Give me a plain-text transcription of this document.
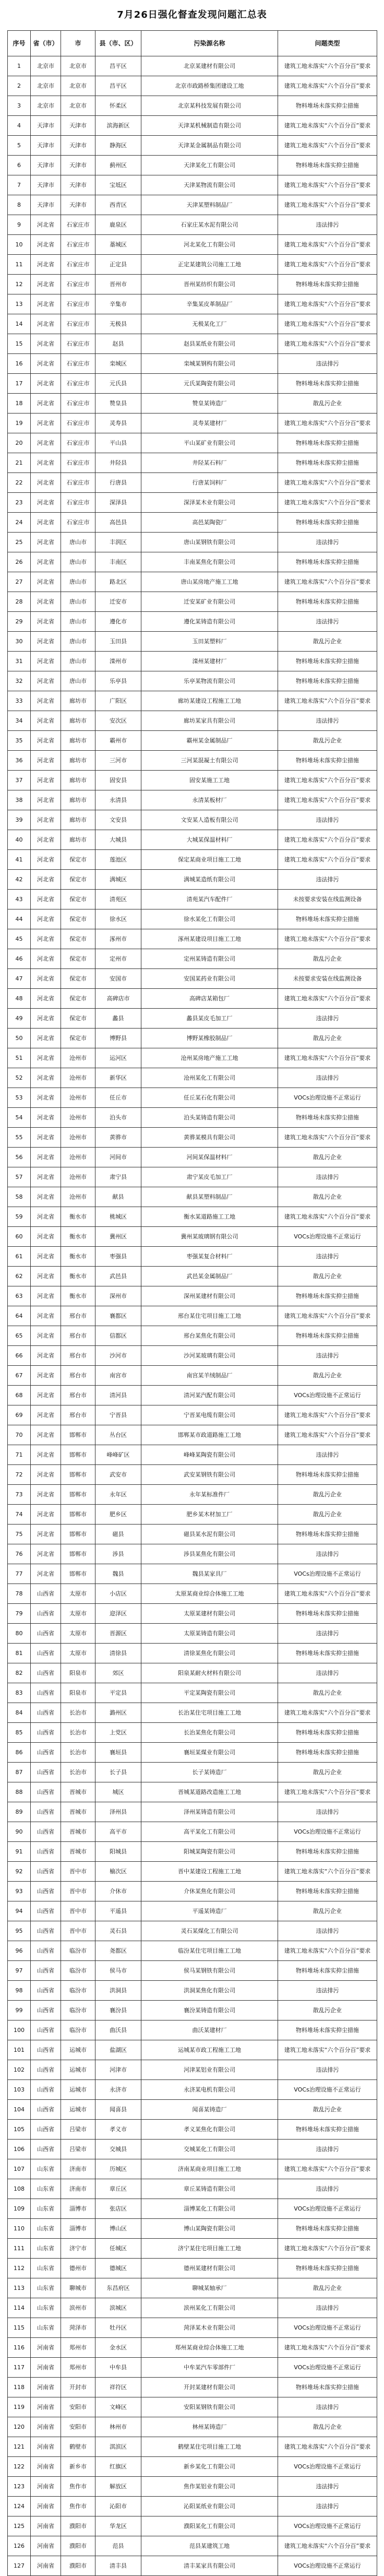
7月26日强化督查发现问题汇总表
序号	省（市）	市	县（市、区）	污染源名称	问题类型
1	北京市	北京市	昌平区	北京某建材有限公司	建筑工地未落实“六个百分百”要求
2	北京市	北京市	昌平区	北京市政路桥集团建设工地	建筑工地未落实“六个百分百”要求
3	北京市	北京市	怀柔区	北京某科技发展有限公司	物料堆场未落实抑尘措施
4	天津市	天津市	滨海新区	天津某机械制造有限公司	建筑工地未落实“六个百分百”要求
5	天津市	天津市	静海区	天津某金属制品有限公司	建筑工地未落实“六个百分百”要求
6	天津市	天津市	蓟州区	天津某化工有限公司	物料堆场未落实抑尘措施
7	天津市	天津市	宝坻区	天津某物流有限公司	建筑工地未落实“六个百分百”要求
8	天津市	天津市	西青区	天津某塑料制品厂	建筑工地未落实“六个百分百”要求
9	河北省	石家庄市	鹿泉区	石家庄某水泥有限公司	违法排污
10	河北省	石家庄市	藁城区	河北某化工有限公司	建筑工地未落实“六个百分百”要求
11	河北省	石家庄市	正定县	正定某建筑公司施工工地	建筑工地未落实“六个百分百”要求
12	河北省	石家庄市	晋州市	晋州某纺织有限公司	物料堆场未落实抑尘措施
13	河北省	石家庄市	辛集市	辛集某皮革制品厂	建筑工地未落实“六个百分百”要求
14	河北省	石家庄市	无极县	无极某化工厂	建筑工地未落实“六个百分百”要求
15	河北省	石家庄市	赵县	赵县某纸业有限公司	建筑工地未落实“六个百分百”要求
16	河北省	石家庄市	栾城区	栾城某钢构有限公司	违法排污
17	河北省	石家庄市	元氏县	元氏某陶瓷有限公司	物料堆场未落实抑尘措施
18	河北省	石家庄市	赞皇县	赞皇某铸造厂	散乱污企业
19	河北省	石家庄市	灵寿县	灵寿某建材厂	建筑工地未落实“六个百分百”要求
20	河北省	石家庄市	平山县	平山某矿业有限公司	物料堆场未落实抑尘措施
21	河北省	石家庄市	井陉县	井陉某石料厂	物料堆场未落实抑尘措施
22	河北省	石家庄市	行唐县	行唐某饲料厂	建筑工地未落实“六个百分百”要求
23	河北省	石家庄市	深泽县	深泽某木业有限公司	建筑工地未落实“六个百分百”要求
24	河北省	石家庄市	高邑县	高邑某陶瓷厂	物料堆场未落实抑尘措施
25	河北省	唐山市	丰润区	唐山某钢铁有限公司	违法排污
26	河北省	唐山市	丰南区	丰南某焦化有限公司	物料堆场未落实抑尘措施
27	河北省	唐山市	路北区	唐山某房地产施工工地	建筑工地未落实“六个百分百”要求
28	河北省	唐山市	迁安市	迁安某矿业有限公司	物料堆场未落实抑尘措施
29	河北省	唐山市	遵化市	遵化某铸造有限公司	违法排污
30	河北省	唐山市	玉田县	玉田某塑料厂	散乱污企业
31	河北省	唐山市	滦州市	滦州某建材厂	物料堆场未落实抑尘措施
32	河北省	唐山市	乐亭县	乐亭某物流有限公司	物料堆场未落实抑尘措施
33	河北省	廊坊市	广阳区	廊坊某建设工程施工工地	建筑工地未落实“六个百分百”要求
34	河北省	廊坊市	安次区	廊坊某家具有限公司	违法排污
35	河北省	廊坊市	霸州市	霸州某金属制品厂	散乱污企业
36	河北省	廊坊市	三河市	三河某混凝土有限公司	物料堆场未落实抑尘措施
37	河北省	廊坊市	固安县	固安某施工工地	建筑工地未落实“六个百分百”要求
38	河北省	廊坊市	永清县	永清某板材厂	建筑工地未落实“六个百分百”要求
39	河北省	廊坊市	文安县	文安某人造板有限公司	违法排污
40	河北省	廊坊市	大城县	大城某保温材料厂	建筑工地未落实“六个百分百”要求
41	河北省	保定市	莲池区	保定某商业项目施工工地	建筑工地未落实“六个百分百”要求
42	河北省	保定市	满城区	满城某造纸有限公司	违法排污
43	河北省	保定市	清苑区	清苑某汽车配件厂	未按要求安装在线监测设备
44	河北省	保定市	徐水区	徐水某化工有限公司	物料堆场未落实抑尘措施
45	河北省	保定市	涿州市	涿州某建设项目施工工地	建筑工地未落实“六个百分百”要求
46	河北省	保定市	定州市	定州某铸造有限公司	散乱污企业
47	河北省	保定市	安国市	安国某药业有限公司	未按要求安装在线监测设备
48	河北省	保定市	高碑店市	高碑店某箱包厂	建筑工地未落实“六个百分百”要求
49	河北省	保定市	蠡县	蠡县某皮毛加工厂	违法排污
50	河北省	保定市	博野县	博野某橡胶制品厂	散乱污企业
51	河北省	沧州市	运河区	沧州某房地产施工工地	建筑工地未落实“六个百分百”要求
52	河北省	沧州市	新华区	沧州某化工有限公司	违法排污
53	河北省	沧州市	任丘市	任丘某石化有限公司	VOCs治理设施不正常运行
54	河北省	沧州市	泊头市	泊头某铸造有限公司	物料堆场未落实抑尘措施
55	河北省	沧州市	黄骅市	黄骅某模具有限公司	建筑工地未落实“六个百分百”要求
56	河北省	沧州市	河间市	河间某保温材料厂	散乱污企业
57	河北省	沧州市	肃宁县	肃宁某皮毛加工厂	违法排污
58	河北省	沧州市	献县	献县某塑料制品厂	散乱污企业
59	河北省	衡水市	桃城区	衡水某道路施工工地	建筑工地未落实“六个百分百”要求
60	河北省	衡水市	冀州区	冀州某玻璃钢有限公司	VOCs治理设施不正常运行
61	河北省	衡水市	枣强县	枣强某复合材料厂	违法排污
62	河北省	衡水市	武邑县	武邑某金属制品厂	散乱污企业
63	河北省	衡水市	深州市	深州某建材有限公司	物料堆场未落实抑尘措施
64	河北省	邢台市	襄都区	邢台某住宅项目施工工地	建筑工地未落实“六个百分百”要求
65	河北省	邢台市	信都区	邢台某焦化有限公司	物料堆场未落实抑尘措施
66	河北省	邢台市	沙河市	沙河某玻璃有限公司	违法排污
67	河北省	邢台市	南宫市	南宫某羊绒制品厂	散乱污企业
68	河北省	邢台市	清河县	清河某汽配有限公司	VOCs治理设施不正常运行
69	河北省	邢台市	宁晋县	宁晋某电缆有限公司	建筑工地未落实“六个百分百”要求
70	河北省	邯郸市	丛台区	邯郸某市政道路施工工地	建筑工地未落实“六个百分百”要求
71	河北省	邯郸市	峰峰矿区	峰峰某陶瓷有限公司	违法排污
72	河北省	邯郸市	武安市	武安某钢铁有限公司	物料堆场未落实抑尘措施
73	河北省	邯郸市	永年区	永年某标准件厂	散乱污企业
74	河北省	邯郸市	肥乡区	肥乡某木材加工厂	散乱污企业
75	河北省	邯郸市	磁县	磁县某水泥有限公司	物料堆场未落实抑尘措施
76	河北省	邯郸市	涉县	涉县某焦化有限公司	违法排污
77	河北省	邯郸市	魏县	魏县某家具厂	VOCs治理设施不正常运行
78	山西省	太原市	小店区	太原某商业综合体施工工地	建筑工地未落实“六个百分百”要求
79	山西省	太原市	迎泽区	太原某建材有限公司	物料堆场未落实抑尘措施
80	山西省	太原市	晋源区	太原某铸造有限公司	违法排污
81	山西省	太原市	清徐县	清徐某焦化有限公司	物料堆场未落实抑尘措施
82	山西省	阳泉市	郊区	阳泉某耐火材料有限公司	违法排污
83	山西省	阳泉市	平定县	平定某陶瓷有限公司	散乱污企业
84	山西省	长治市	潞州区	长治某住宅项目施工工地	建筑工地未落实“六个百分百”要求
85	山西省	长治市	上党区	长治某焦化有限公司	物料堆场未落实抑尘措施
86	山西省	长治市	襄垣县	襄垣某煤业有限公司	物料堆场未落实抑尘措施
87	山西省	长治市	长子县	长子某铸造厂	散乱污企业
88	山西省	晋城市	城区	晋城某道路改造施工工地	建筑工地未落实“六个百分百”要求
89	山西省	晋城市	泽州县	泽州某铸造有限公司	违法排污
90	山西省	晋城市	高平市	高平某化工有限公司	VOCs治理设施不正常运行
91	山西省	晋城市	阳城县	阳城某陶瓷有限公司	物料堆场未落实抑尘措施
92	山西省	晋中市	榆次区	晋中某建设工程施工工地	建筑工地未落实“六个百分百”要求
93	山西省	晋中市	介休市	介休某焦化有限公司	物料堆场未落实抑尘措施
94	山西省	晋中市	平遥县	平遥某铸造厂	散乱污企业
95	山西省	晋中市	灵石县	灵石某煤化工有限公司	违法排污
96	山西省	临汾市	尧都区	临汾某住宅项目施工工地	建筑工地未落实“六个百分百”要求
97	山西省	临汾市	侯马市	侯马某钢铁有限公司	物料堆场未落实抑尘措施
98	山西省	临汾市	洪洞县	洪洞某焦化有限公司	违法排污
99	山西省	临汾市	襄汾县	襄汾某铸造有限公司	散乱污企业
100	山西省	临汾市	曲沃县	曲沃某建材厂	物料堆场未落实抑尘措施
101	山西省	运城市	盐湖区	运城某市政工程施工工地	建筑工地未落实“六个百分百”要求
102	山西省	运城市	河津市	河津某铝业有限公司	违法排污
103	山西省	运城市	永济市	永济某电机有限公司	VOCs治理设施不正常运行
104	山西省	运城市	闻喜县	闻喜某铸造厂	散乱污企业
105	山西省	吕梁市	孝义市	孝义某焦化有限公司	物料堆场未落实抑尘措施
106	山西省	吕梁市	交城县	交城某化工有限公司	违法排污
107	山东省	济南市	历城区	济南某商业项目施工工地	建筑工地未落实“六个百分百”要求
108	山东省	济南市	章丘区	章丘某铸造有限公司	违法排污
109	山东省	淄博市	张店区	淄博某化工有限公司	VOCs治理设施不正常运行
110	山东省	淄博市	博山区	博山某陶瓷有限公司	物料堆场未落实抑尘措施
111	山东省	济宁市	任城区	济宁某住宅项目施工工地	建筑工地未落实“六个百分百”要求
112	山东省	德州市	德城区	德州某建材有限公司	物料堆场未落实抑尘措施
113	山东省	聊城市	东昌府区	聊城某轴承厂	散乱污企业
114	山东省	滨州市	滨城区	滨州某化工有限公司	违法排污
115	山东省	菏泽市	牡丹区	菏泽某木业有限公司	VOCs治理设施不正常运行
116	河南省	郑州市	金水区	郑州某商业综合体施工工地	建筑工地未落实“六个百分百”要求
117	河南省	郑州市	中牟县	中牟某汽车零部件厂	VOCs治理设施不正常运行
118	河南省	开封市	祥符区	开封某建材有限公司	物料堆场未落实抑尘措施
119	河南省	安阳市	文峰区	安阳某钢铁有限公司	违法排污
120	河南省	安阳市	林州市	林州某铸造厂	散乱污企业
121	河南省	鹤壁市	淇滨区	鹤壁某住宅项目施工工地	建筑工地未落实“六个百分百”要求
122	河南省	新乡市	红旗区	新乡某化工有限公司	VOCs治理设施不正常运行
123	河南省	焦作市	解放区	焦作某铝业有限公司	违法排污
124	河南省	焦作市	沁阳市	沁阳某纸业有限公司	违法排污
125	河南省	濮阳市	华龙区	濮阳某化工有限公司	VOCs治理设施不正常运行
126	河南省	濮阳市	范县	范县某建筑工地	建筑工地未落实“六个百分百”要求
127	河南省	濮阳市	清丰县	清丰某家具有限公司	VOCs治理设施不正常运行
